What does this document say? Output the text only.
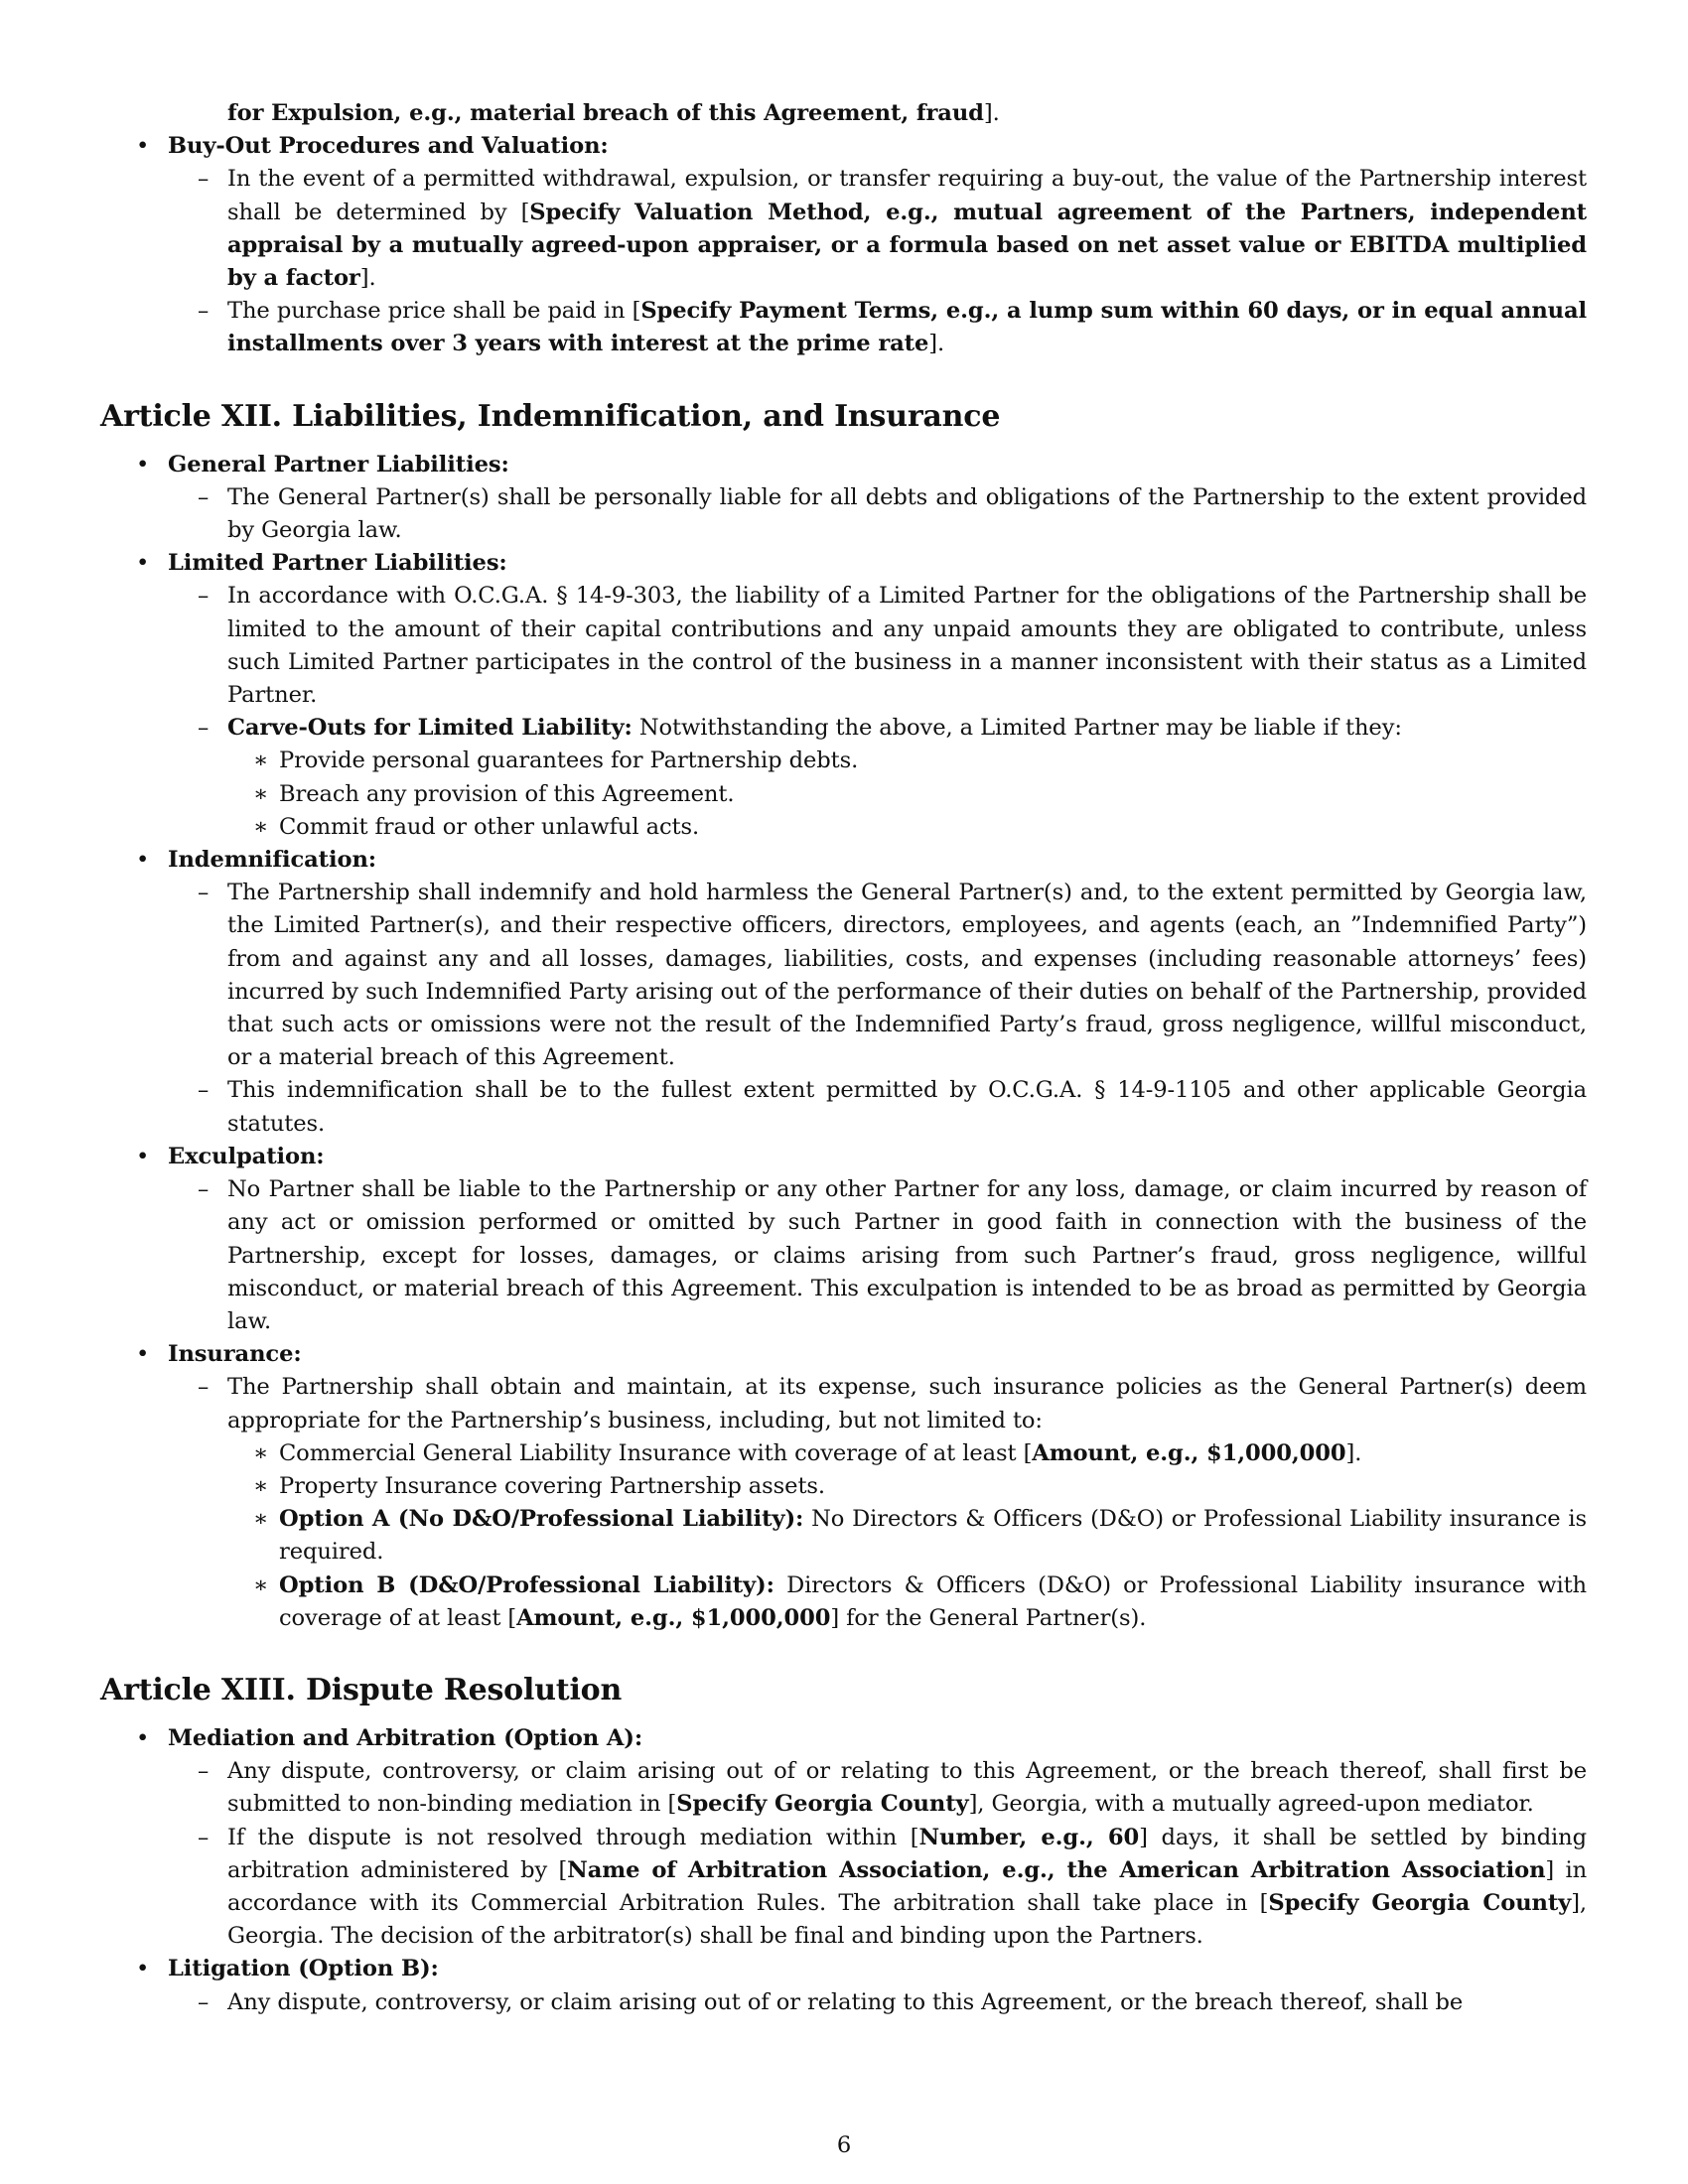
for Expulsion, e.g., material breach of this Agreement, fraud].
• Buy-Out Procedures and Valuation:
– In the event of a permitted withdrawal, expulsion, or transfer requiring a buy-out, the value of the Partnership interest shall be determined by [Specify Valuation Method, e.g., mutual agreement of the Partners, independent appraisal by a mutually agreed-upon appraiser, or a formula based on net asset value or EBITDA multiplied by a factor].
– The purchase price shall be paid in [Specify Payment Terms, e.g., a lump sum within 60 days, or in equal annual installments over 3 years with interest at the prime rate].
Article XII. Liabilities, Indemnification, and Insurance
• General Partner Liabilities:
– The General Partner(s) shall be personally liable for all debts and obligations of the Partnership to the extent provided by Georgia law.
• Limited Partner Liabilities:
– In accordance with O.C.G.A. § 14-9-303, the liability of a Limited Partner for the obligations of the Partnership shall be limited to the amount of their capital contributions and any unpaid amounts they are obligated to contribute, unless such Limited Partner participates in the control of the business in a manner inconsistent with their status as a Limited Partner.
– Carve-Outs for Limited Liability: Notwithstanding the above, a Limited Partner may be liable if they:
∗ Provide personal guarantees for Partnership debts.
∗ Breach any provision of this Agreement.
∗ Commit fraud or other unlawful acts.
• Indemnification:
– The Partnership shall indemnify and hold harmless the General Partner(s) and, to the extent permitted by Georgia law, the Limited Partner(s), and their respective officers, directors, employees, and agents (each, an ”Indemnified Party”) from and against any and all losses, damages, liabilities, costs, and expenses (including reasonable attorneys’ fees) incurred by such Indemnified Party arising out of the performance of their duties on behalf of the Partnership, provided that such acts or omissions were not the result of the Indemnified Party’s fraud, gross negligence, willful misconduct, or a material breach of this Agreement.
– This indemnification shall be to the fullest extent permitted by O.C.G.A. § 14-9-1105 and other applicable Georgia statutes.
• Exculpation:
– No Partner shall be liable to the Partnership or any other Partner for any loss, damage, or claim incurred by reason of any act or omission performed or omitted by such Partner in good faith in connection with the business of the Partnership, except for losses, damages, or claims arising from such Partner’s fraud, gross negligence, willful misconduct, or material breach of this Agreement. This exculpation is intended to be as broad as permitted by Georgia law.
• Insurance:
– The Partnership shall obtain and maintain, at its expense, such insurance policies as the General Partner(s) deem appropriate for the Partnership’s business, including, but not limited to:
∗ Commercial General Liability Insurance with coverage of at least [Amount, e.g., $1,000,000].
∗ Property Insurance covering Partnership assets.
∗ Option A (No D&O/Professional Liability): No Directors & Officers (D&O) or Professional Liability insurance is required.
∗ Option B (D&O/Professional Liability): Directors & Officers (D&O) or Professional Liability insurance with coverage of at least [Amount, e.g., $1,000,000] for the General Partner(s).
Article XIII. Dispute Resolution
• Mediation and Arbitration (Option A):
– Any dispute, controversy, or claim arising out of or relating to this Agreement, or the breach thereof, shall first be submitted to non-binding mediation in [Specify Georgia County], Georgia, with a mutually agreed-upon mediator.
– If the dispute is not resolved through mediation within [Number, e.g., 60] days, it shall be settled by binding arbitration administered by [Name of Arbitration Association, e.g., the American Arbitration Association] in accordance with its Commercial Arbitration Rules. The arbitration shall take place in [Specify Georgia County], Georgia. The decision of the arbitrator(s) shall be final and binding upon the Partners.
• Litigation (Option B):
– Any dispute, controversy, or claim arising out of or relating to this Agreement, or the breach thereof, shall be
6
